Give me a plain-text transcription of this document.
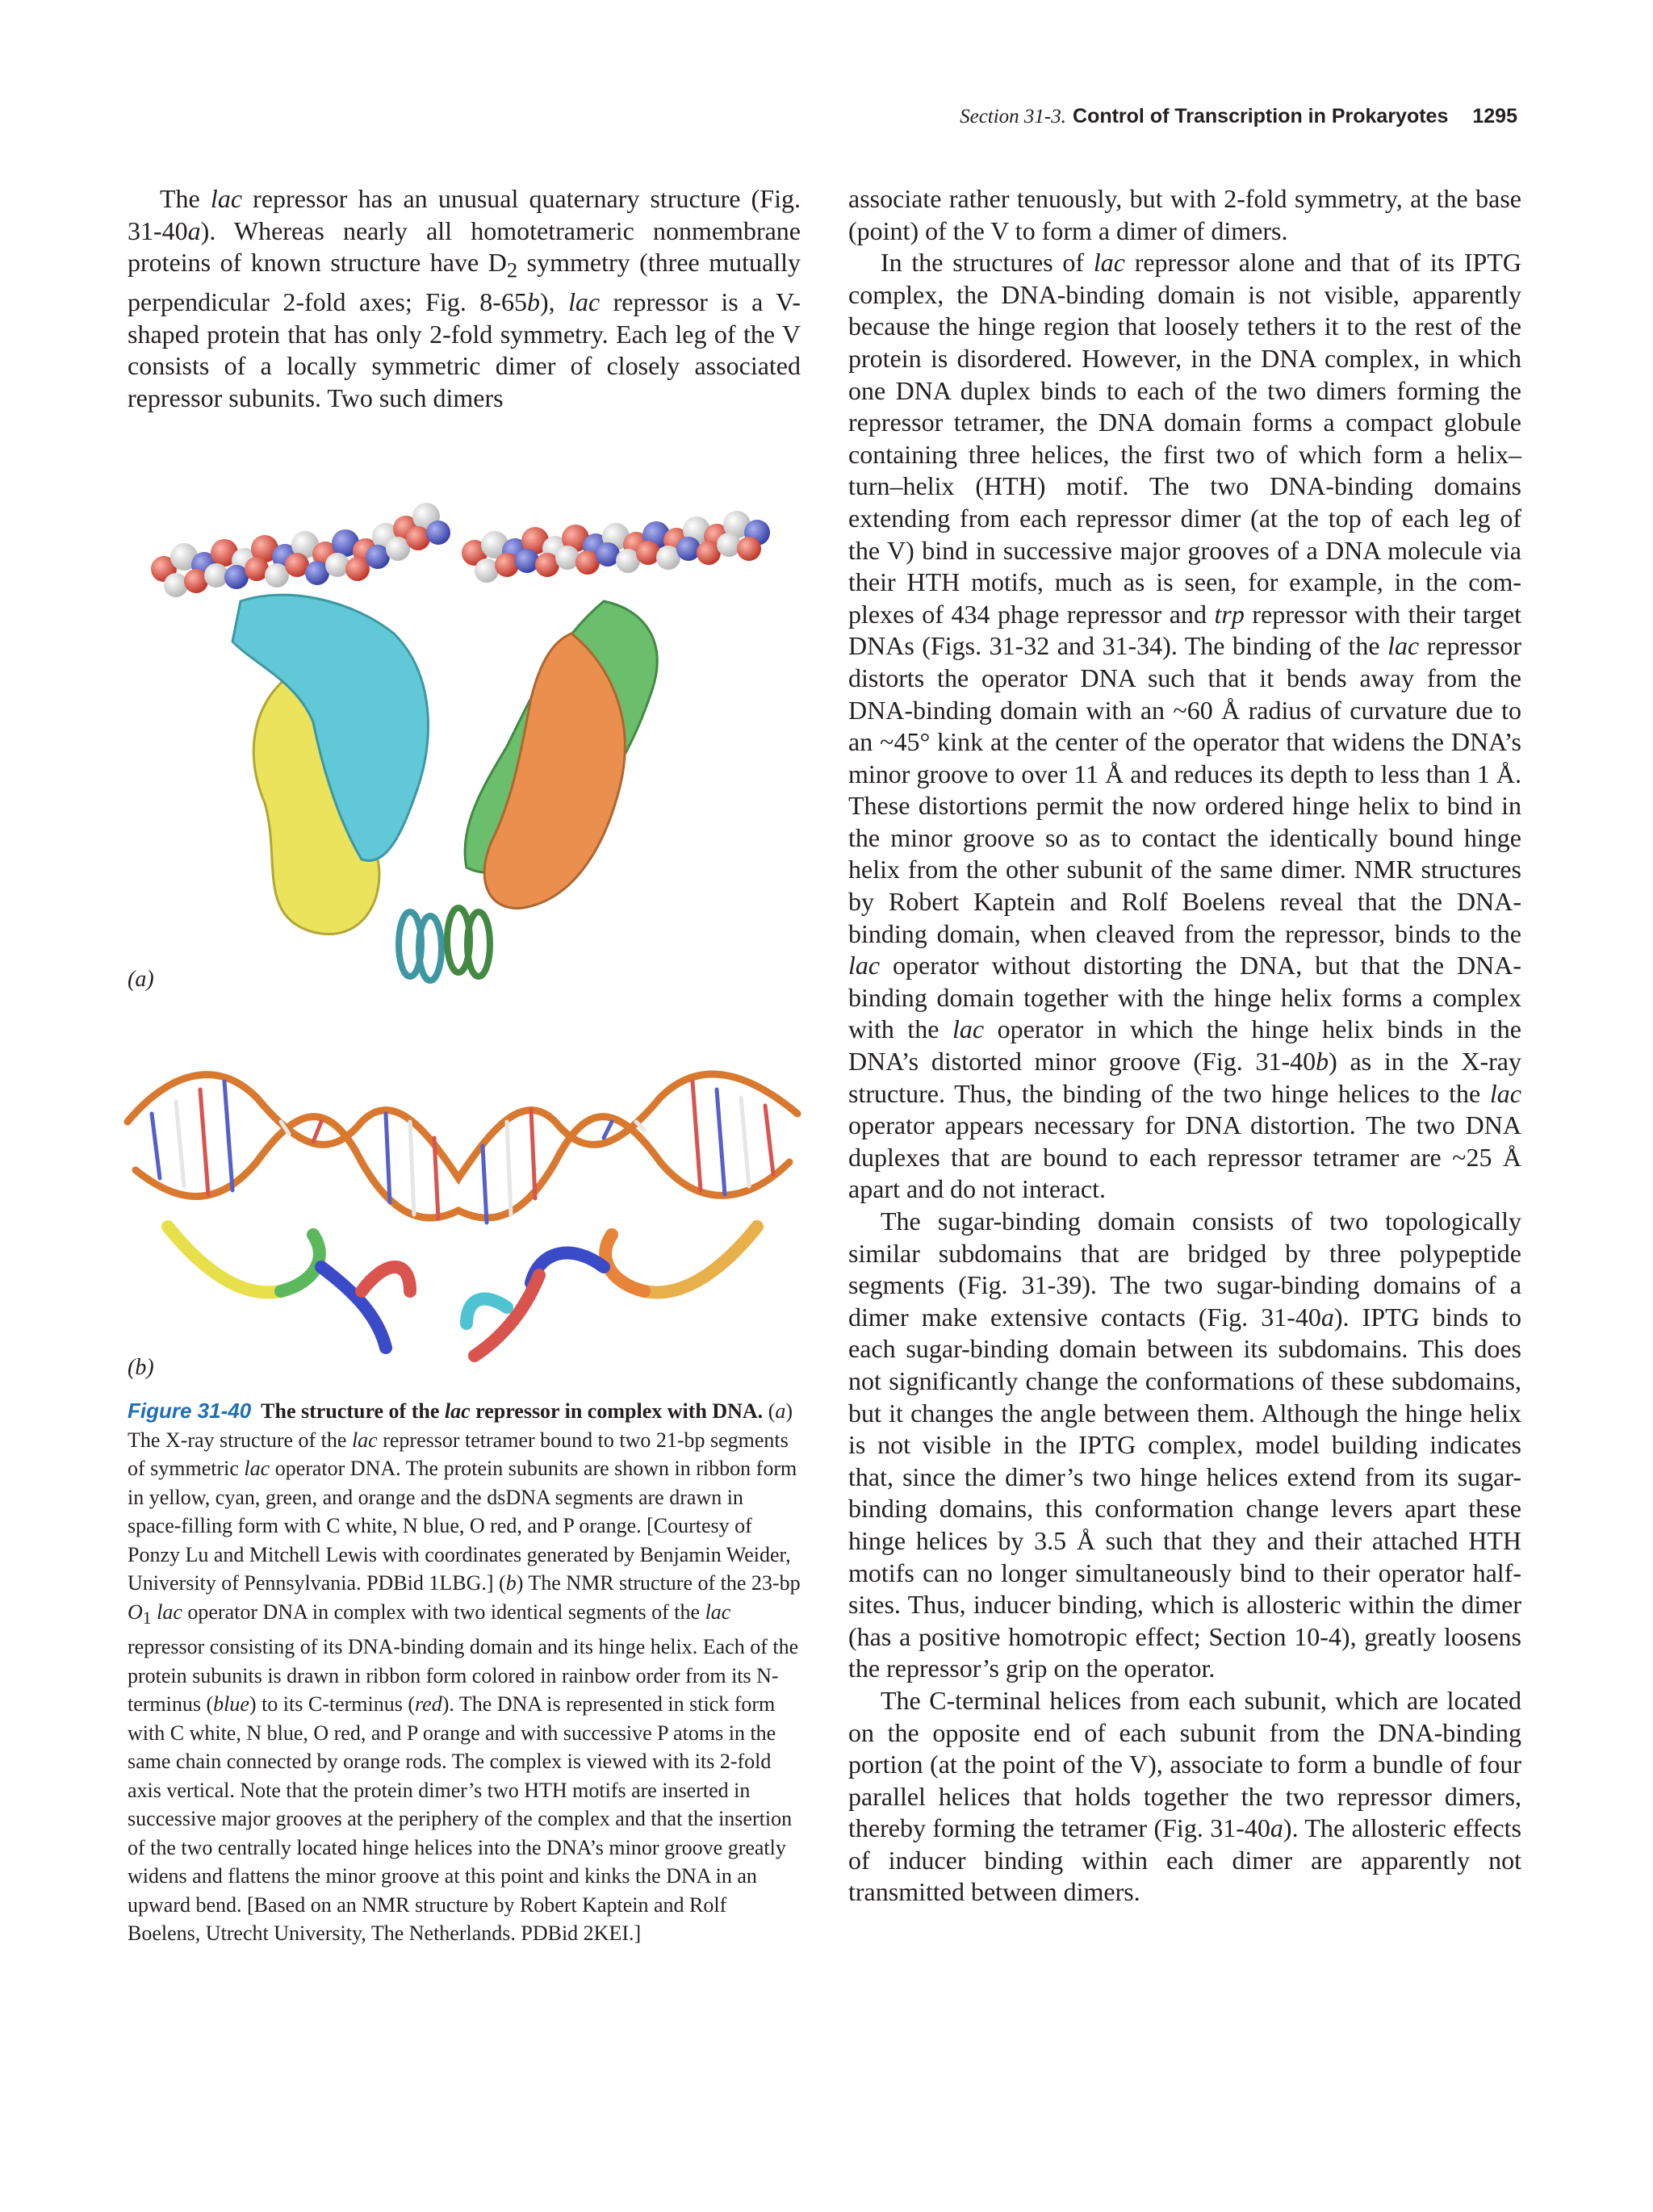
Section 31-3. Control of Transcription in Prokaryotes 1295

The lac repressor has an unusual quaternary structure (Fig. 31-40a). Whereas nearly all homotetrameric nonmembrane proteins of known structure have $D_2$ symmetry (three mutually perpendicular 2-fold axes; Fig. 8-65b), lac repressor is a V-shaped protein that has only 2-fold symmetry. Each leg of the V consists of a locally symmetric dimer of closely associated repressor subunits. Two such dimers

(a)
(b)
Figure 31-40 The structure of the lac repressor in complex with DNA. (a) The X-ray structure of the lac repressor tetramer bound to two 21-bp segments of symmetric lac operator DNA. The protein subunits are shown in ribbon form in yellow, cyan, green, and orange and the dsDNA segments are drawn in space-filling form with C white, N blue, O red, and P orange. [Courtesy of Ponzy Lu and Mitchell Lewis with coordinates generated by Benjamin Weider, University of Pennsylvania. PDBid 1LBG.] (b) The NMR structure of the 23-bp $O_1$ lac operator DNA in complex with two identical segments of the lac repressor consisting of its DNA-binding domain and its hinge helix. Each of the protein subunits is drawn in ribbon form colored in rainbow order from its N-terminus (blue) to its C-terminus (red). The DNA is represented in stick form with C white, N blue, O red, and P orange and with successive P atoms in the same chain connected by orange rods. The complex is viewed with its 2-fold axis vertical. Note that the protein dimer’s two HTH motifs are inserted in successive major grooves at the periphery of the complex and that the insertion of the two centrally located hinge helices into the DNA’s minor groove greatly widens and flattens the minor groove at this point and kinks the DNA in an upward bend. [Based on an NMR structure by Robert Kaptein and Rolf Boelens, Utrecht University, The Netherlands. PDBid 2KEI.]

associate rather tenuously, but with 2-fold symmetry, at the base (point) of the V to form a dimer of dimers.

In the structures of lac repressor alone and that of its IPTG complex, the DNA-binding domain is not visible, apparently because the hinge region that loosely tethers it to the rest of the protein is disordered. However, in the DNA complex, in which one DNA duplex binds to each of the two dimers forming the repressor tetramer, the DNA domain forms a compact globule containing three helices, the first two of which form a helix–turn–helix (HTH) motif. The two DNA-binding domains extending from each repressor dimer (at the top of each leg of the V) bind in successive major grooves of a DNA molecule via their HTH motifs, much as is seen, for example, in the complexes of 434 phage repressor and trp repressor with their target DNAs (Figs. 31-32 and 31-34). The binding of the lac repressor distorts the operator DNA such that it bends away from the DNA-binding domain with an ~60 Å radius of curvature due to an ~45° kink at the center of the operator that widens the DNA’s minor groove to over 11 Å and reduces its depth to less than 1 Å. These distortions permit the now ordered hinge helix to bind in the minor groove so as to contact the identically bound hinge helix from the other subunit of the same dimer. NMR structures by Robert Kaptein and Rolf Boelens reveal that the DNA-binding domain, when cleaved from the repressor, binds to the lac operator without distorting the DNA, but that the DNA-binding domain together with the hinge helix forms a complex with the lac operator in which the hinge helix binds in the DNA’s distorted minor groove (Fig. 31-40b) as in the X-ray structure. Thus, the binding of the two hinge helices to the lac operator appears necessary for DNA distortion. The two DNA duplexes that are bound to each repressor tetramer are ~25 Å apart and do not interact.

The sugar-binding domain consists of two topologically similar subdomains that are bridged by three polypeptide segments (Fig. 31-39). The two sugar-binding domains of a dimer make extensive contacts (Fig. 31-40a). IPTG binds to each sugar-binding domain between its subdomains. This does not significantly change the conformations of these subdomains, but it changes the angle between them. Although the hinge helix is not visible in the IPTG complex, model building indicates that, since the dimer’s two hinge helices extend from its sugar-binding domains, this conformation change levers apart these hinge helices by 3.5 Å such that they and their attached HTH motifs can no longer simultaneously bind to their operator half-sites. Thus, inducer binding, which is allosteric within the dimer (has a positive homotropic effect; Section 10-4), greatly loosens the repressor’s grip on the operator.

The C-terminal helices from each subunit, which are located on the opposite end of each subunit from the DNA-binding portion (at the point of the V), associate to form a bundle of four parallel helices that holds together the two repressor dimers, thereby forming the tetramer (Fig. 31-40a). The allosteric effects of inducer binding within each dimer are apparently not transmitted between dimers.
